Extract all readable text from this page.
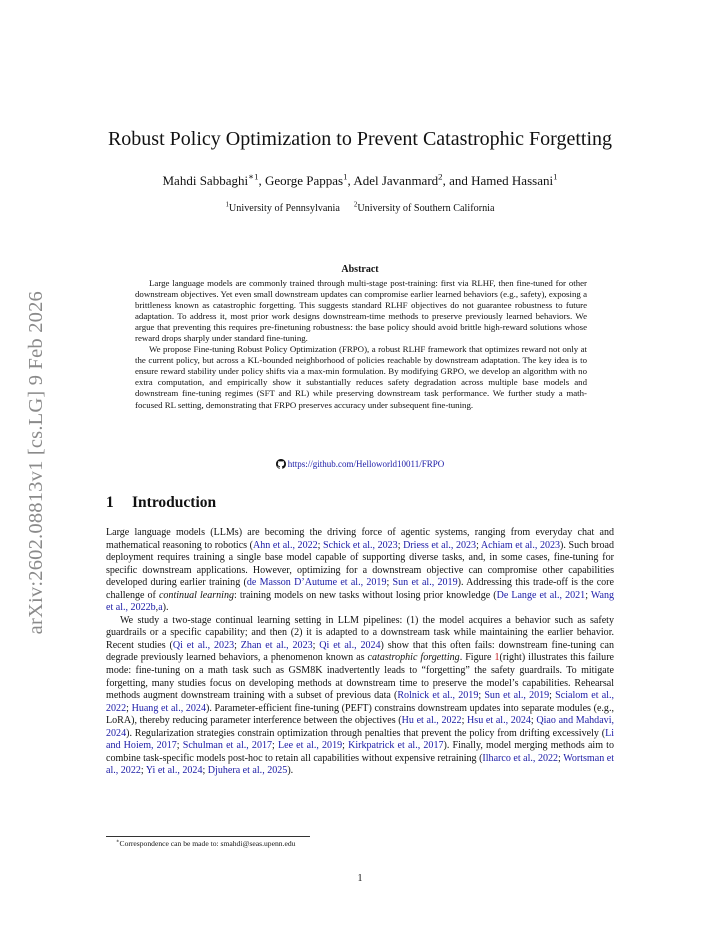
arXiv:2602.08813v1 [cs.LG] 9 Feb 2026
Robust Policy Optimization to Prevent Catastrophic Forgetting
Mahdi Sabbaghi$^{∗1}$, George Pappas$^1$, Adel Javanmard$^2$, and Hamed Hassani$^1$
$^1$University of Pennsylvania $^2$University of Southern California
Abstract

Large language models are commonly trained through multi-stage post-training: first via RLHF, then fine-tuned for other downstream objectives. Yet even small downstream updates can compromise earlier learned behaviors (e.g., safety), exposing a brittleness known as catastrophic forgetting. This suggests standard RLHF objectives do not guarantee robustness to future adaptation. To address it, most prior work designs downstream-time methods to preserve previously learned behaviors. We argue that preventing this requires pre-finetuning robustness: the base policy should avoid brittle high-reward solutions whose reward drops sharply under standard fine-tuning.

We propose Fine-tuning Robust Policy Optimization (FRPO), a robust RLHF framework that optimizes reward not only at the current policy, but across a KL-bounded neighborhood of policies reachable by downstream adaptation. The key idea is to ensure reward stability under policy shifts via a max-min formulation. By modifying GRPO, we develop an algorithm with no extra computation, and empirically show it substantially reduces safety degradation across multiple base models and downstream fine-tuning regimes (SFT and RL) while preserving downstream task performance. We further study a math-focused RL setting, demonstrating that FRPO preserves accuracy under subsequent fine-tuning.

https://github.com/Helloworld10011/FRPO
1 Introduction

Large language models (LLMs) are becoming the driving force of agentic systems, ranging from everyday chat and mathematical reasoning to robotics (Ahn et al., 2022; Schick et al., 2023; Driess et al., 2023; Achiam et al., 2023). Such broad deployment requires training a single base model capable of supporting diverse tasks, and, in some cases, fine-tuning for specific downstream applications. However, optimizing for a downstream objective can compromise other capabilities developed during earlier training (de Masson D’Autume et al., 2019; Sun et al., 2019). Addressing this trade-off is the core challenge of continual learning: training models on new tasks without losing prior knowledge (De Lange et al., 2021; Wang et al., 2022b,a).

We study a two-stage continual learning setting in LLM pipelines: (1) the model acquires a behavior such as safety guardrails or a specific capability; and then (2) it is adapted to a downstream task while maintaining the earlier behavior. Recent studies (Qi et al., 2023; Zhan et al., 2023; Qi et al., 2024) show that this often fails: downstream fine-tuning can degrade previously learned behaviors, a phenomenon known as catastrophic forgetting. Figure 1(right) illustrates this failure mode: fine-tuning on a math task such as GSM8K inadvertently leads to “forgetting” the safety guardrails. To mitigate forgetting, many studies focus on developing methods at downstream time to preserve the model’s capabilities. Rehearsal methods augment downstream training with a subset of previous data (Rolnick et al., 2019; Sun et al., 2019; Scialom et al., 2022; Huang et al., 2024). Parameter-efficient fine-tuning (PEFT) constrains downstream updates into separate modules (e.g., LoRA), thereby reducing parameter interference between the objectives (Hu et al., 2022; Hsu et al., 2024; Qiao and Mahdavi, 2024). Regularization strategies constrain optimization through penalties that prevent the policy from drifting excessively (Li and Hoiem, 2017; Schulman et al., 2017; Lee et al., 2019; Kirkpatrick et al., 2017). Finally, model merging methods aim to combine task-specific models post-hoc to retain all capabilities without expensive retraining (Ilharco et al., 2022; Wortsman et al., 2022; Yi et al., 2024; Djuhera et al., 2025).

∗Correspondence can be made to: smahdi@seas.upenn.edu
1
